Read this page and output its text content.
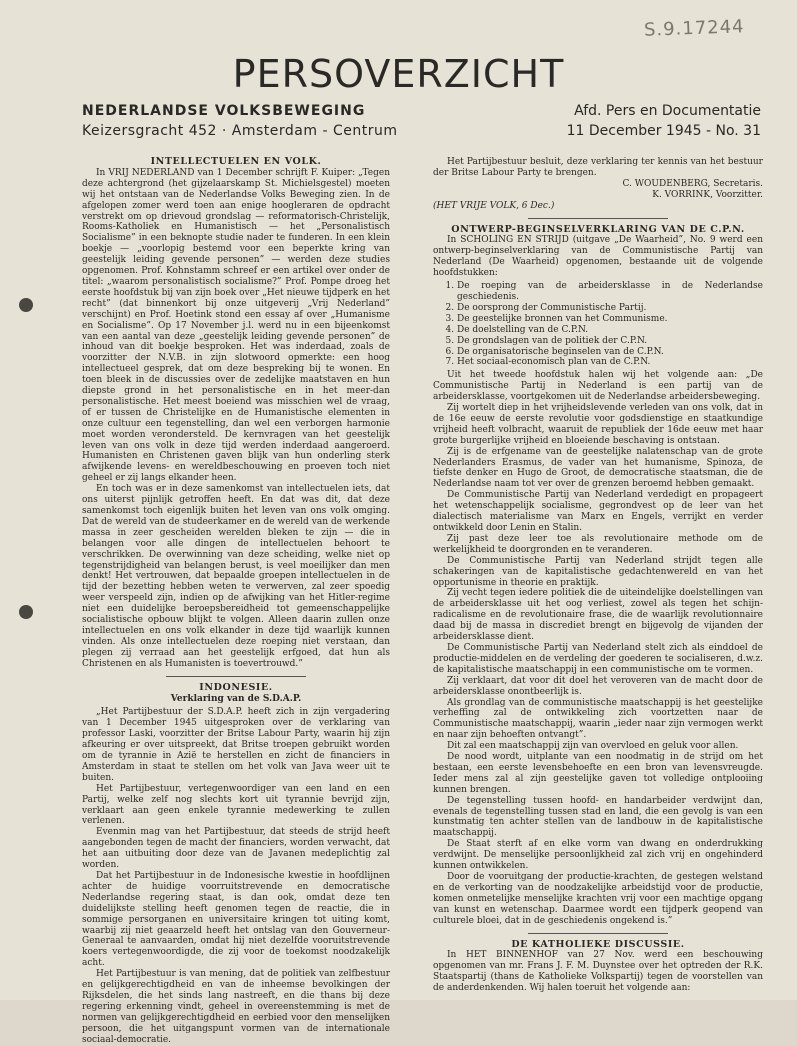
S.9.17244
PERSOVERZICHT
NEDERLANDSE VOLKSBEWEGING
Keizersgracht 452 · Amsterdam - Centrum
Afd. Pers en Documentatie
11 December 1945 - No. 31

INTELLECTUELEN EN VOLK.

In VRIJ NEDERLAND van 1 December schrijft F. Kuiper: „Tegen deze achtergrond (het gijzelaarskamp St. Michielsgestel) moeten wij het ontstaan van de Nederlandse Volks Beweging zien. In de afgelopen zomer werd toen aan enige hoogleraren de opdracht verstrekt om op drievoud grondslag — reformatorisch-Christelijk, Rooms-Katholiek en Humanistisch — het „Personalistisch Socialisme” in een beknopte studie nader te funderen. In een klein boekje — „voorlopig bestemd voor een beperkte kring van geestelijk leiding gevende personen” — werden deze studies opgenomen. Prof. Kohnstamm schreef er een artikel over onder de titel: „waarom personalistisch socialisme?” Prof. Pompe droeg het eerste hoofdstuk bij van zijn boek over „Het nieuwe tijdperk en het recht” (dat binnenkort bij onze uitgeverij „Vrij Nederland” verschijnt) en Prof. Hoetink stond een essay af over „Humanisme en Socialisme”. Op 17 November j.l. werd nu in een bijeenkomst van een aantal van deze „geestelijk leiding gevende personen” de inhoud van dit boekje besproken. Het was inderdaad, zoals de voorzitter der N.V.B. in zijn slotwoord opmerkte: een hoog intellectueel gesprek, dat om deze bespreking bij te wonen. En toen bleek in de discussies over de zedelijke maatstaven en hun diepste grond in het personalistische en in het meer-dan personalistische. Het meest boeiend was misschien wel de vraag, of er tussen de Christelijke en de Humanistische elementen in onze cultuur een tegenstelling, dan wel een verborgen harmonie moet worden verondersteld. De kernvragen van het geestelijk leven van ons volk in deze tijd werden inderdaad aangeroerd. Humanisten en Christenen gaven blijk van hun onderling sterk afwijkende levens- en wereldbeschouwing en proeven toch niet geheel er zij langs elkander heen.

En toch was er in deze samenkomst van intellectuelen iets, dat ons uiterst pijnlijk getroffen heeft. En dat was dit, dat deze samenkomst toch eigenlijk buiten het leven van ons volk omging. Dat de wereld van de studeerkamer en de wereld van de werkende massa in zeer gescheiden werelden bleken te zijn — die in belangen voor alle dingen de intellectuelen behoort te verschrikken. De overwinning van deze scheiding, welke niet op tegenstrijdigheid van belangen berust, is veel moeilijker dan men denkt! Het vertrouwen, dat bepaalde groepen intellectuelen in de tijd der bezetting hebben weten te verwerven, zal zeer spoedig weer verspeeld zijn, indien op de afwijking van het Hitler-regime niet een duidelijke beroepsbereidheid tot gemeenschappelijke socialistische opbouw blijkt te volgen. Alleen daarin zullen onze intellectuelen en ons volk elkander in deze tijd waarlijk kunnen vinden. Als onze intellectuelen deze roeping niet verstaan, dan plegen zij verraad aan het geestelijk erfgoed, dat hun als Christenen en als Humanisten is toevertrouwd.”

INDONESIE.

Verklaring van de S.D.A.P.

„Het Partijbestuur der S.D.A.P. heeft zich in zijn vergadering van 1 December 1945 uitgesproken over de verklaring van professor Laski, voorzitter der Britse Labour Party, waarin hij zijn afkeuring er over uitspreekt, dat Britse troepen gebruikt worden om de tyrannie in Azië te herstellen en zicht de financiers in Amsterdam in staat te stellen om het volk van Java weer uit te buiten.

Het Partijbestuur, vertegenwoordiger van een land en een Partij, welke zelf nog slechts kort uit tyrannie bevrijd zijn, verklaart aan geen enkele tyrannie medewerking te zullen verlenen.

Evenmin mag van het Partijbestuur, dat steeds de strijd heeft aangebonden tegen de macht der financiers, worden verwacht, dat het aan uitbuiting door deze van de Javanen medeplichtig zal worden.

Dat het Partijbestuur in de Indonesische kwestie in hoofdlijnen achter de huidige voorruitstrevende en democratische Nederlandse regering staat, is dan ook, omdat deze ten duidelijkste stelling heeft genomen tegen de reactie, die in sommige persorganen en universitaire kringen tot uiting komt, waarbij zij niet geaarzeld heeft het ontslag van den Gouverneur-Generaal te aanvaarden, omdat hij niet dezelfde vooruitstrevende koers vertegenwoordigde, die zij voor de toekomst noodzakelijk acht.

Het Partijbestuur is van mening, dat de politiek van zelfbestuur en gelijkgerechtigdheid en van de inheemse bevolkingen der Rijksdelen, die het sinds lang nastreeft, en die thans bij deze regering erkenning vindt, geheel in overeenstemming is met de normen van gelijkgerechtigdheid en eerbied voor den menselijken persoon, die het uitgangspunt vormen van de internationale sociaal-democratie.

Het Partijbestuur besluit, deze verklaring ter kennis van het bestuur der Britse Labour Party te brengen.

C. WOUDENBERG, Secretaris.

K. VORRINK, Voorzitter.

(HET VRIJE VOLK, 6 Dec.)

ONTWERP-BEGINSELVERKLARING VAN DE C.P.N.

In SCHOLING EN STRIJD (uitgave „De Waarheid”, No. 9 werd een ontwerp-beginselverklaring van de Communistische Partij van Nederland (De Waarheid) opgenomen, bestaande uit de volgende hoofdstukken:

1. De roeping van de arbeidersklasse in de Nederlandse geschiedenis.
2. De oorsprong der Communistische Partij.
3. De geestelijke bronnen van het Communisme.
4. De doelstelling van de C.P.N.
5. De grondslagen van de politiek der C.P.N.
6. De organisatorische beginselen van de C.P.N.
7. Het sociaal-economisch plan van de C.P.N.

Uit het tweede hoofdstuk halen wij het volgende aan: „De Communistische Partij in Nederland is een partij van de arbeidersklasse, voortgekomen uit de Nederlandse arbeidersbeweging.

Zij wortelt diep in het vrijheidslevende verleden van ons volk, dat in de 16e eeuw de eerste revolutie voor godsdienstige en staatkundige vrijheid heeft volbracht, waaruit de republiek der 16de eeuw met haar grote burgerlijke vrijheid en bloeiende beschaving is ontstaan.

Zij is de erfgename van de geestelijke nalatenschap van de grote Nederlanders Erasmus, de vader van het humanisme, Spinoza, de tiefste denker en Hugo de Groot, de democratische staatsman, die de Nederlandse naam tot ver over de grenzen beroemd hebben gemaakt.

De Communistische Partij van Nederland verdedigt en propageert het wetenschappelijk socialisme, gegrondvest op de leer van het dialectisch materialisme van Marx en Engels, verrijkt en verder ontwikkeld door Lenin en Stalin.

Zij past deze leer toe als revolutionaire methode om de werkelijkheid te doorgronden en te veranderen.

De Communistische Partij van Nederland strijdt tegen alle schakeringen van de kapitalistische gedachtenwereld en van het opportunisme in theorie en praktijk.

Zij vecht tegen iedere politiek die de uiteindelijke doelstellingen van de arbeidersklasse uit het oog verliest, zowel als tegen het schijn-radicalisme en de revolutionaire frase, die de waarlijk revolutionnaire daad bij de massa in discrediet brengt en bijgevolg de vijanden der arbeidersklasse dient.

De Communistische Partij van Nederland stelt zich als einddoel de productie-middelen en de verdeling der goederen te socialiseren, d.w.z. de kapitalistische maatschappij in een communistische om te vormen.

Zij verklaart, dat voor dit doel het veroveren van de macht door de arbeidersklasse onontbeerlijk is.

Als grondlag van de communistische maatschappij is het geestelijke verheffing zal de ontwikkeling zich voortzetten naar de Communistische maatschappij, waarin „ieder naar zijn vermogen werkt en naar zijn behoeften ontvangt”.

Dit zal een maatschappij zijn van overvloed en geluk voor allen.

De nood wordt, uitplante van een noodmatig in de strijd om het bestaan, een eerste levensbehoefte en een bron van levensvreugde. Ieder mens zal al zijn geestelijke gaven tot volledige ontplooiing kunnen brengen.

De tegenstelling tussen hoofd- en handarbeider verdwijnt dan, evenals de tegenstelling tussen stad en land, die een gevolg is van een kunstmatig ten achter stellen van de landbouw in de kapitalistische maatschappij.

De Staat sterft af en elke vorm van dwang en onderdrukking verdwijnt. De menselijke persoonlijkheid zal zich vrij en ongehinderd kunnen ontwikkelen.

Door de vooruitgang der productie-krachten, de gestegen welstand en de verkorting van de noodzakelijke arbeidstijd voor de productie, komen onmetelijke menselijke krachten vrij voor een machtige opgang van kunst en wetenschap. Daarmee wordt een tijdperk geopend van culturele bloei, dat in de geschiedenis ongekend is.”

DE KATHOLIEKE DISCUSSIE.

In HET BINNENHOF van 27 Nov. werd een beschouwing opgenomen van mr. Frans J. F. M. Duynstee over het optreden der R.K. Staatspartij (thans de Katholieke Volkspartij) tegen de voorstellen van de anderdenkenden. Wij halen toeruit het volgende aan:
